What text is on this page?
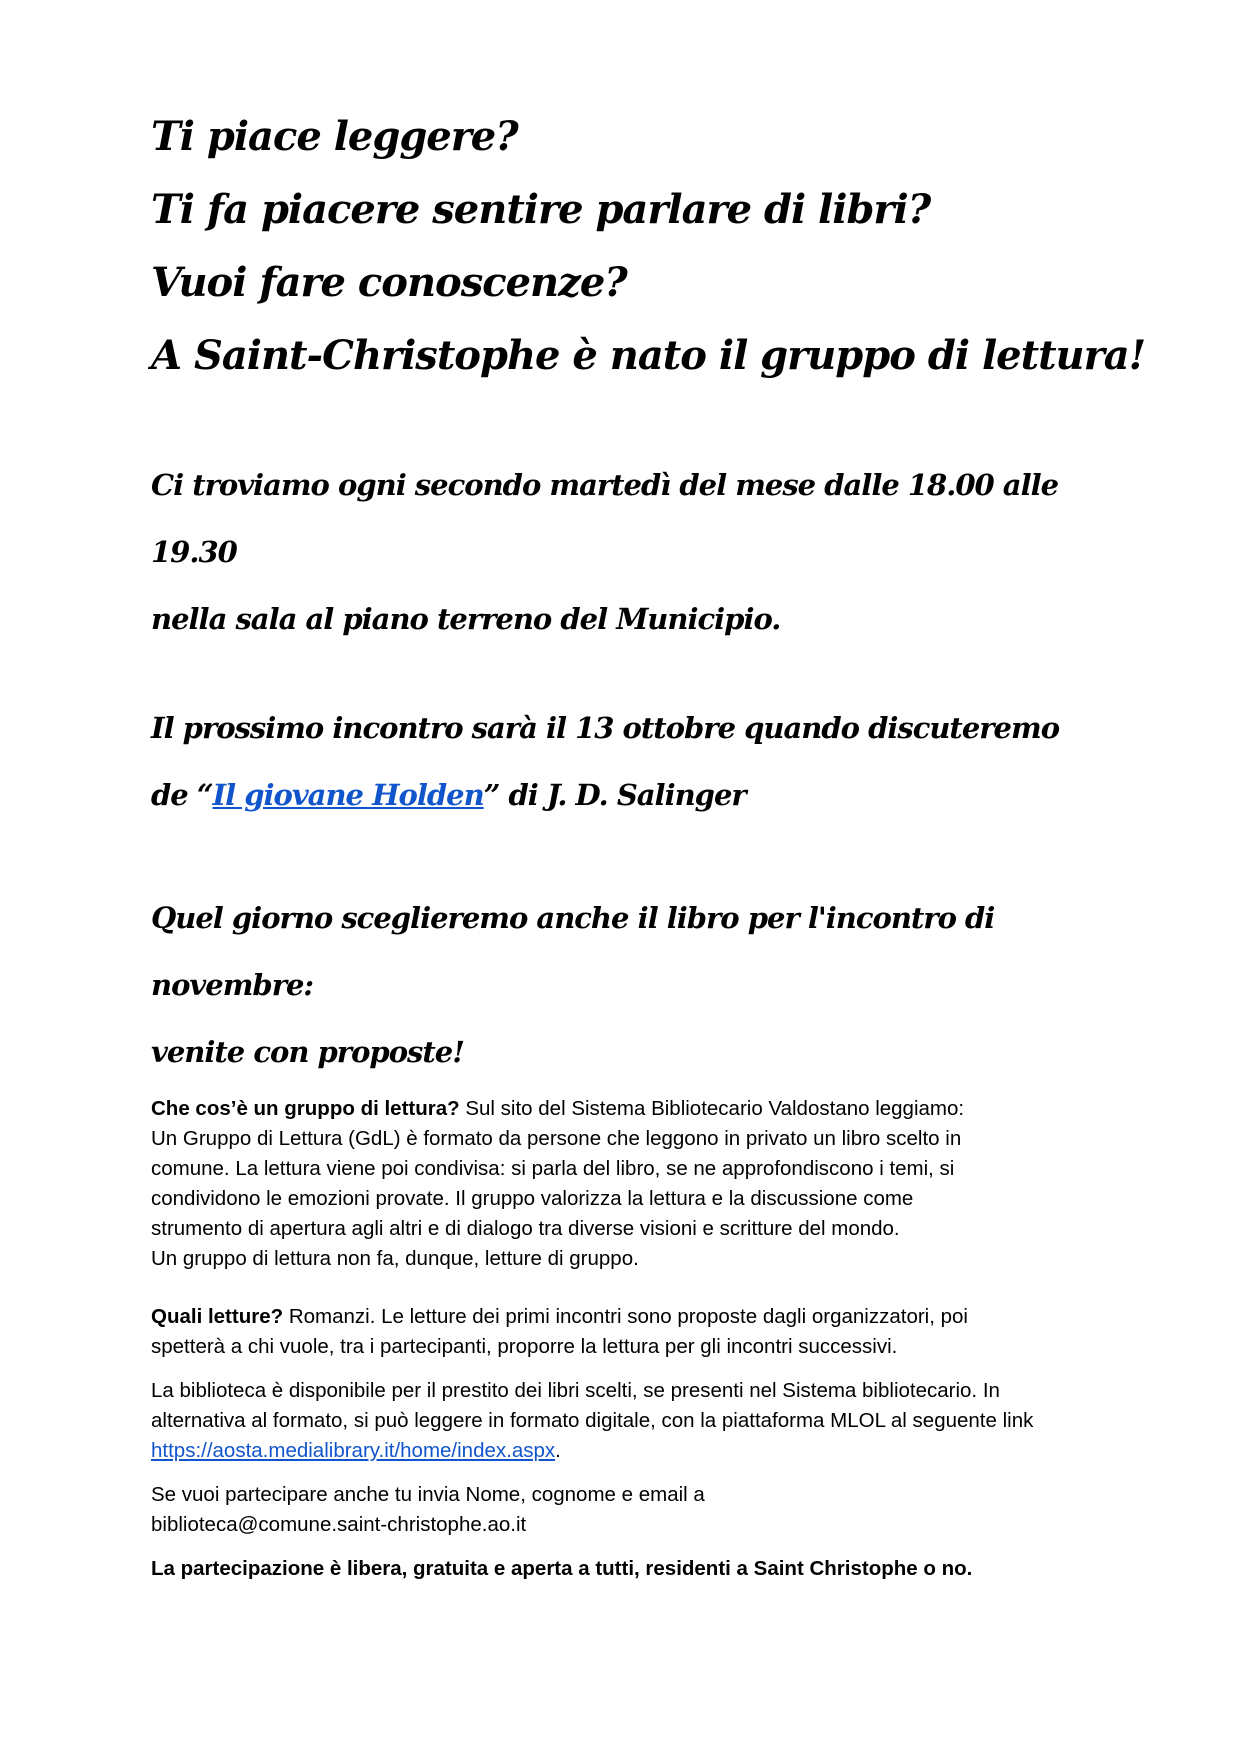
Ti piace leggere?

Ti fa piacere sentire parlare di libri?

Vuoi fare conoscenze?

A Saint-Christophe è nato il gruppo di lettura!

Ci troviamo ogni secondo martedì del mese dalle 18.00 alle 19.30

nella sala al piano terreno del Municipio.

Il prossimo incontro sarà il 13 ottobre quando discuteremo de “Il giovane Holden” di J. D. Salinger

Quel giorno sceglieremo anche il libro per l'incontro di novembre:

venite con proposte!

Che cos’è un gruppo di lettura? Sul sito del Sistema Bibliotecario Valdostano leggiamo:
Un Gruppo di Lettura (GdL) è formato da persone che leggono in privato un libro scelto in
comune. La lettura viene poi condivisa: si parla del libro, se ne approfondiscono i temi, si
condividono le emozioni provate. Il gruppo valorizza la lettura e la discussione come
strumento di apertura agli altri e di dialogo tra diverse visioni e scritture del mondo.
Un gruppo di lettura non fa, dunque, letture di gruppo.

Quali letture? Romanzi. Le letture dei primi incontri sono proposte dagli organizzatori, poi
spetterà a chi vuole, tra i partecipanti, proporre la lettura per gli incontri successivi.

La biblioteca è disponibile per il prestito dei libri scelti, se presenti nel Sistema bibliotecario. In
alternativa al formato, si può leggere in formato digitale, con la piattaforma MLOL al seguente link
https://aosta.medialibrary.it/home/index.aspx.

Se vuoi partecipare anche tu invia Nome, cognome e email a
biblioteca@comune.saint-christophe.ao.it

La partecipazione è libera, gratuita e aperta a tutti, residenti a Saint Christophe o no.
